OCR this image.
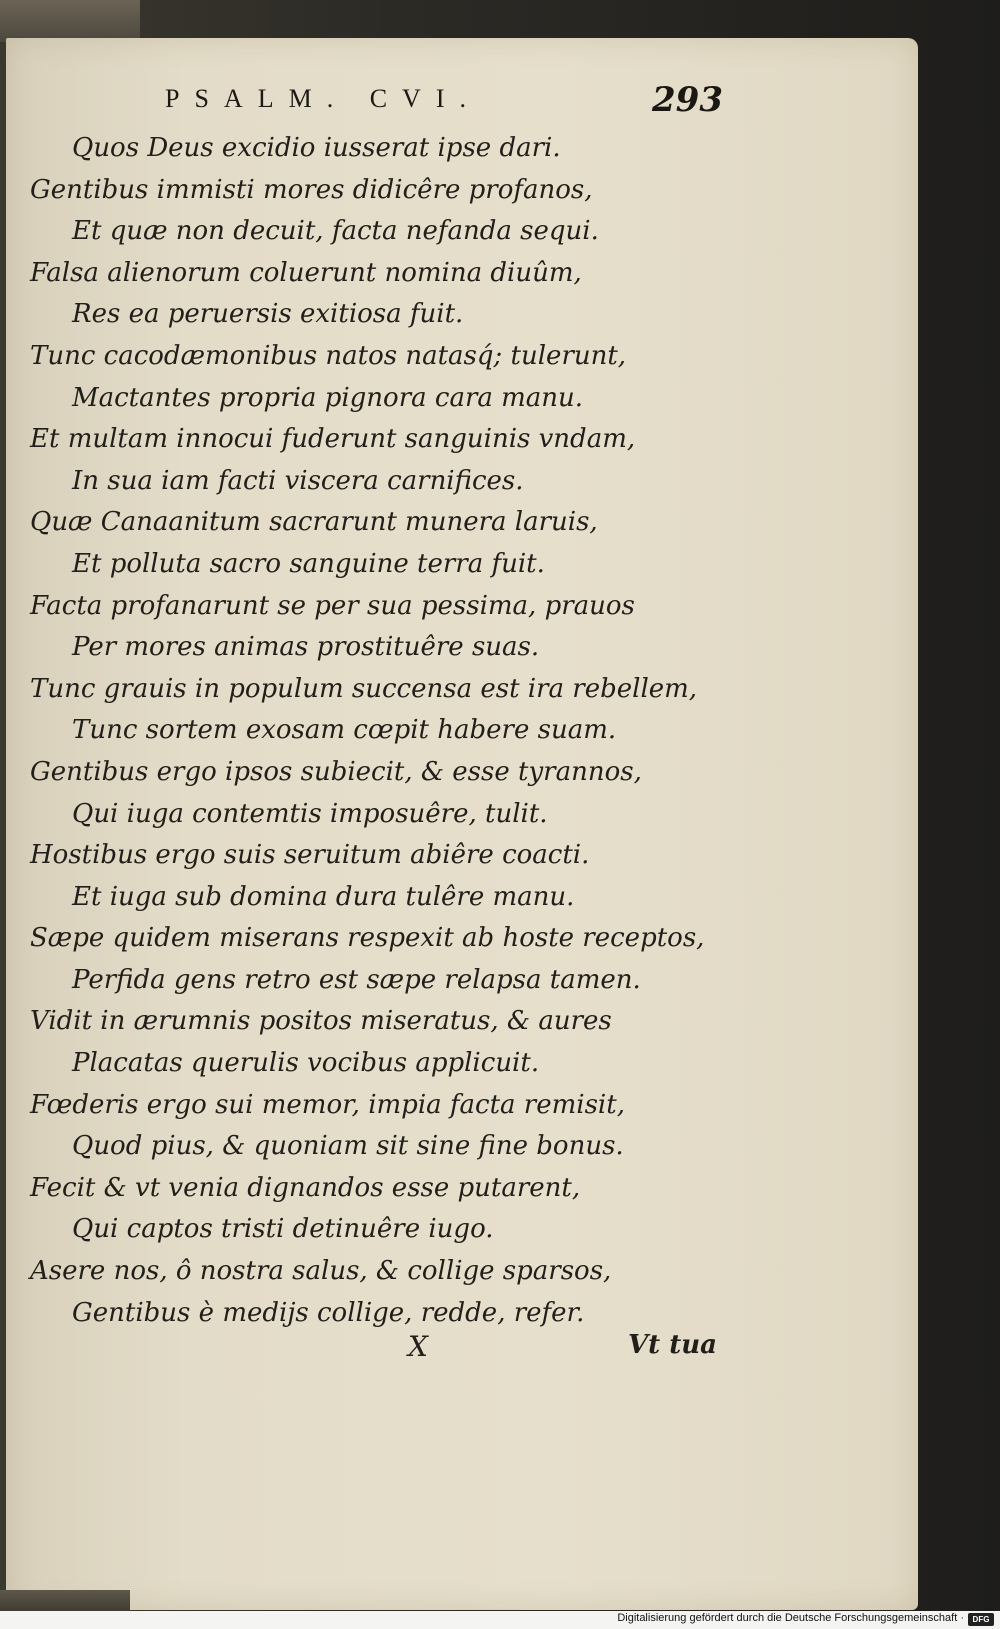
PSALM. CVI.	293
Quos Deus excidio iusserat ipse dari.
Gentibus immisti mores didicêre profanos,
Et quæ non decuit, facta nefanda sequi.
Falsa alienorum coluerunt nomina diuûm,
Res ea peruersis exitiosa fuit.
Tunc cacodæmonibus natos natasq́; tulerunt,
Mactantes propria pignora cara manu.
Et multam innocui fuderunt sanguinis vndam,
In sua iam facti viscera carnifices.
Quæ Canaanitum sacrarunt munera laruis,
Et polluta sacro sanguine terra fuit.
Facta profanarunt se per sua pessima, prauos
Per mores animas prostituêre suas.
Tunc grauis in populum succensa est ira rebellem,
Tunc sortem exosam cœpit habere suam.
Gentibus ergo ipsos subiecit, & esse tyrannos,
Qui iuga contemtis imposuêre, tulit.
Hostibus ergo suis seruitum abiêre coacti.
Et iuga sub domina dura tulêre manu.
Sæpe quidem miserans respexit ab hoste receptos,
Perfida gens retro est sæpe relapsa tamen.
Vidit in ærumnis positos miseratus, & aures
Placatas querulis vocibus applicuit.
Fœderis ergo sui memor, impia facta remisit,
Quod pius, & quoniam sit sine fine bonus.
Fecit & vt venia dignandos esse putarent,
Qui captos tristi detinuêre iugo.
Asere nos, ô nostra salus, & collige sparsos,
Gentibus è medijs collige, redde, refer.
X	Vt tua
Digitalisierung gefördert durch die Deutsche Forschungsgemeinschaft ·	DFG
